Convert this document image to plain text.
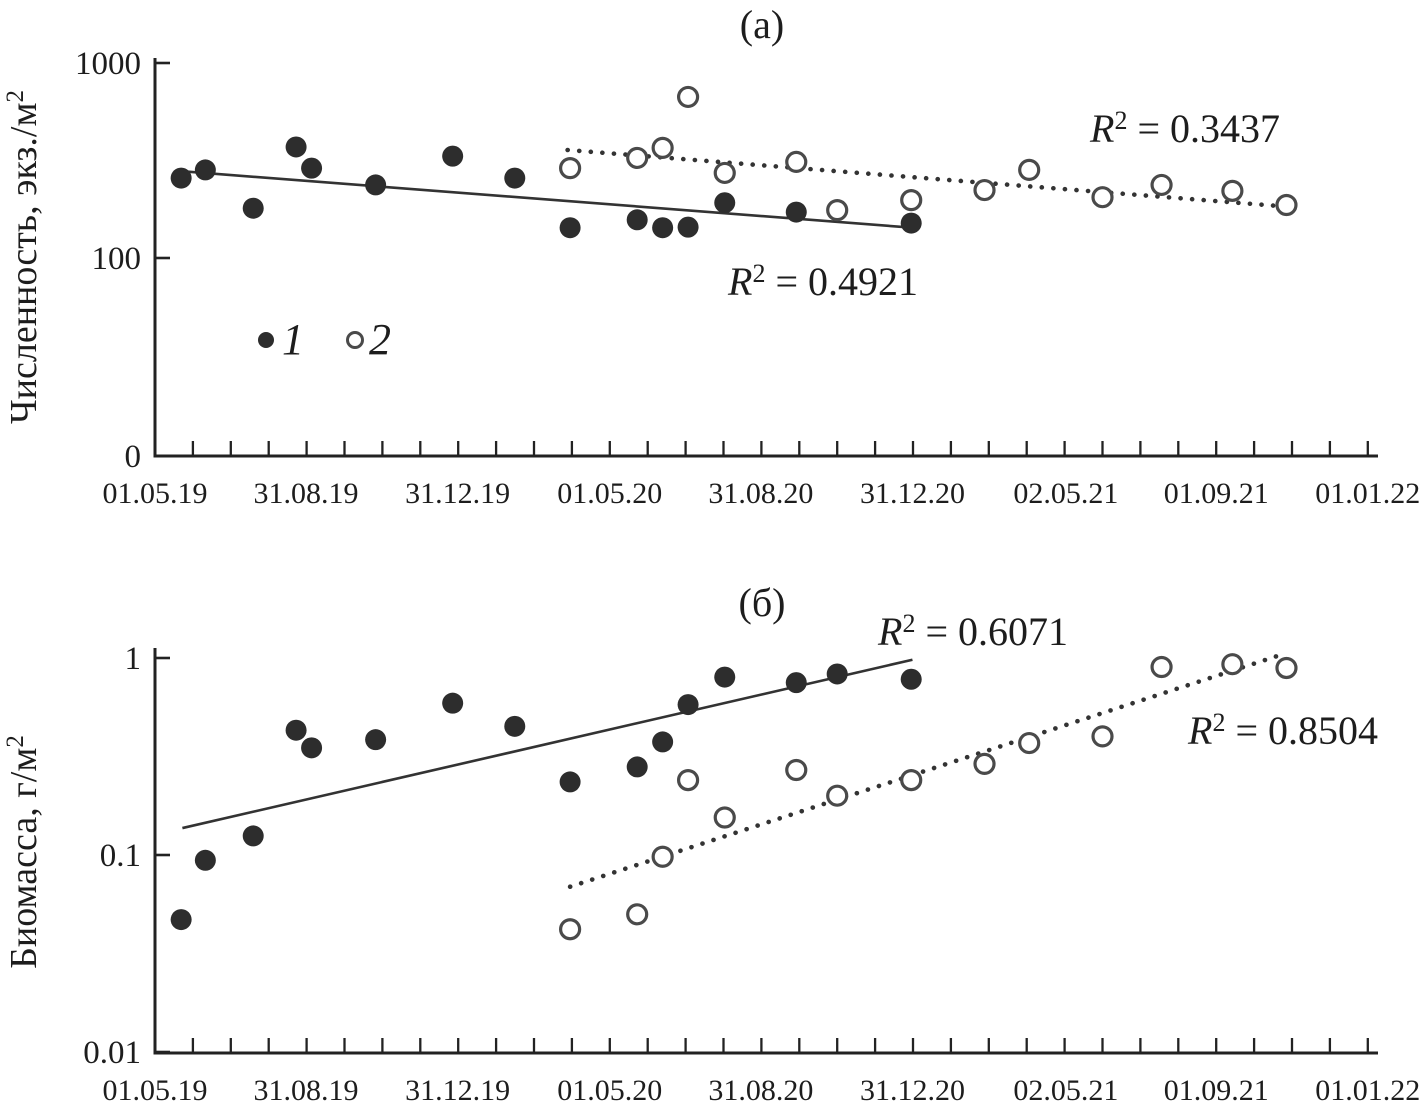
01.05.19 31.08.19 31.12.19 01.05.20 31.08.20 31.12.20 02.05.21 01.09.21 01.01.22
1000
100
0
(а)
Численность, $экз./м^2$
$R^2 = 0.4921$
$R^2 = 0.3437$
1 2
01.05.19 31.08.19 31.12.19 01.05.20 31.08.20 31.12.20 02.05.21 01.09.21 01.01.22
1
0.1
0.01
(б)
Биомасса, $г/м^2$
$R^2 = 0.6071$
$R^2 = 0.8504$
